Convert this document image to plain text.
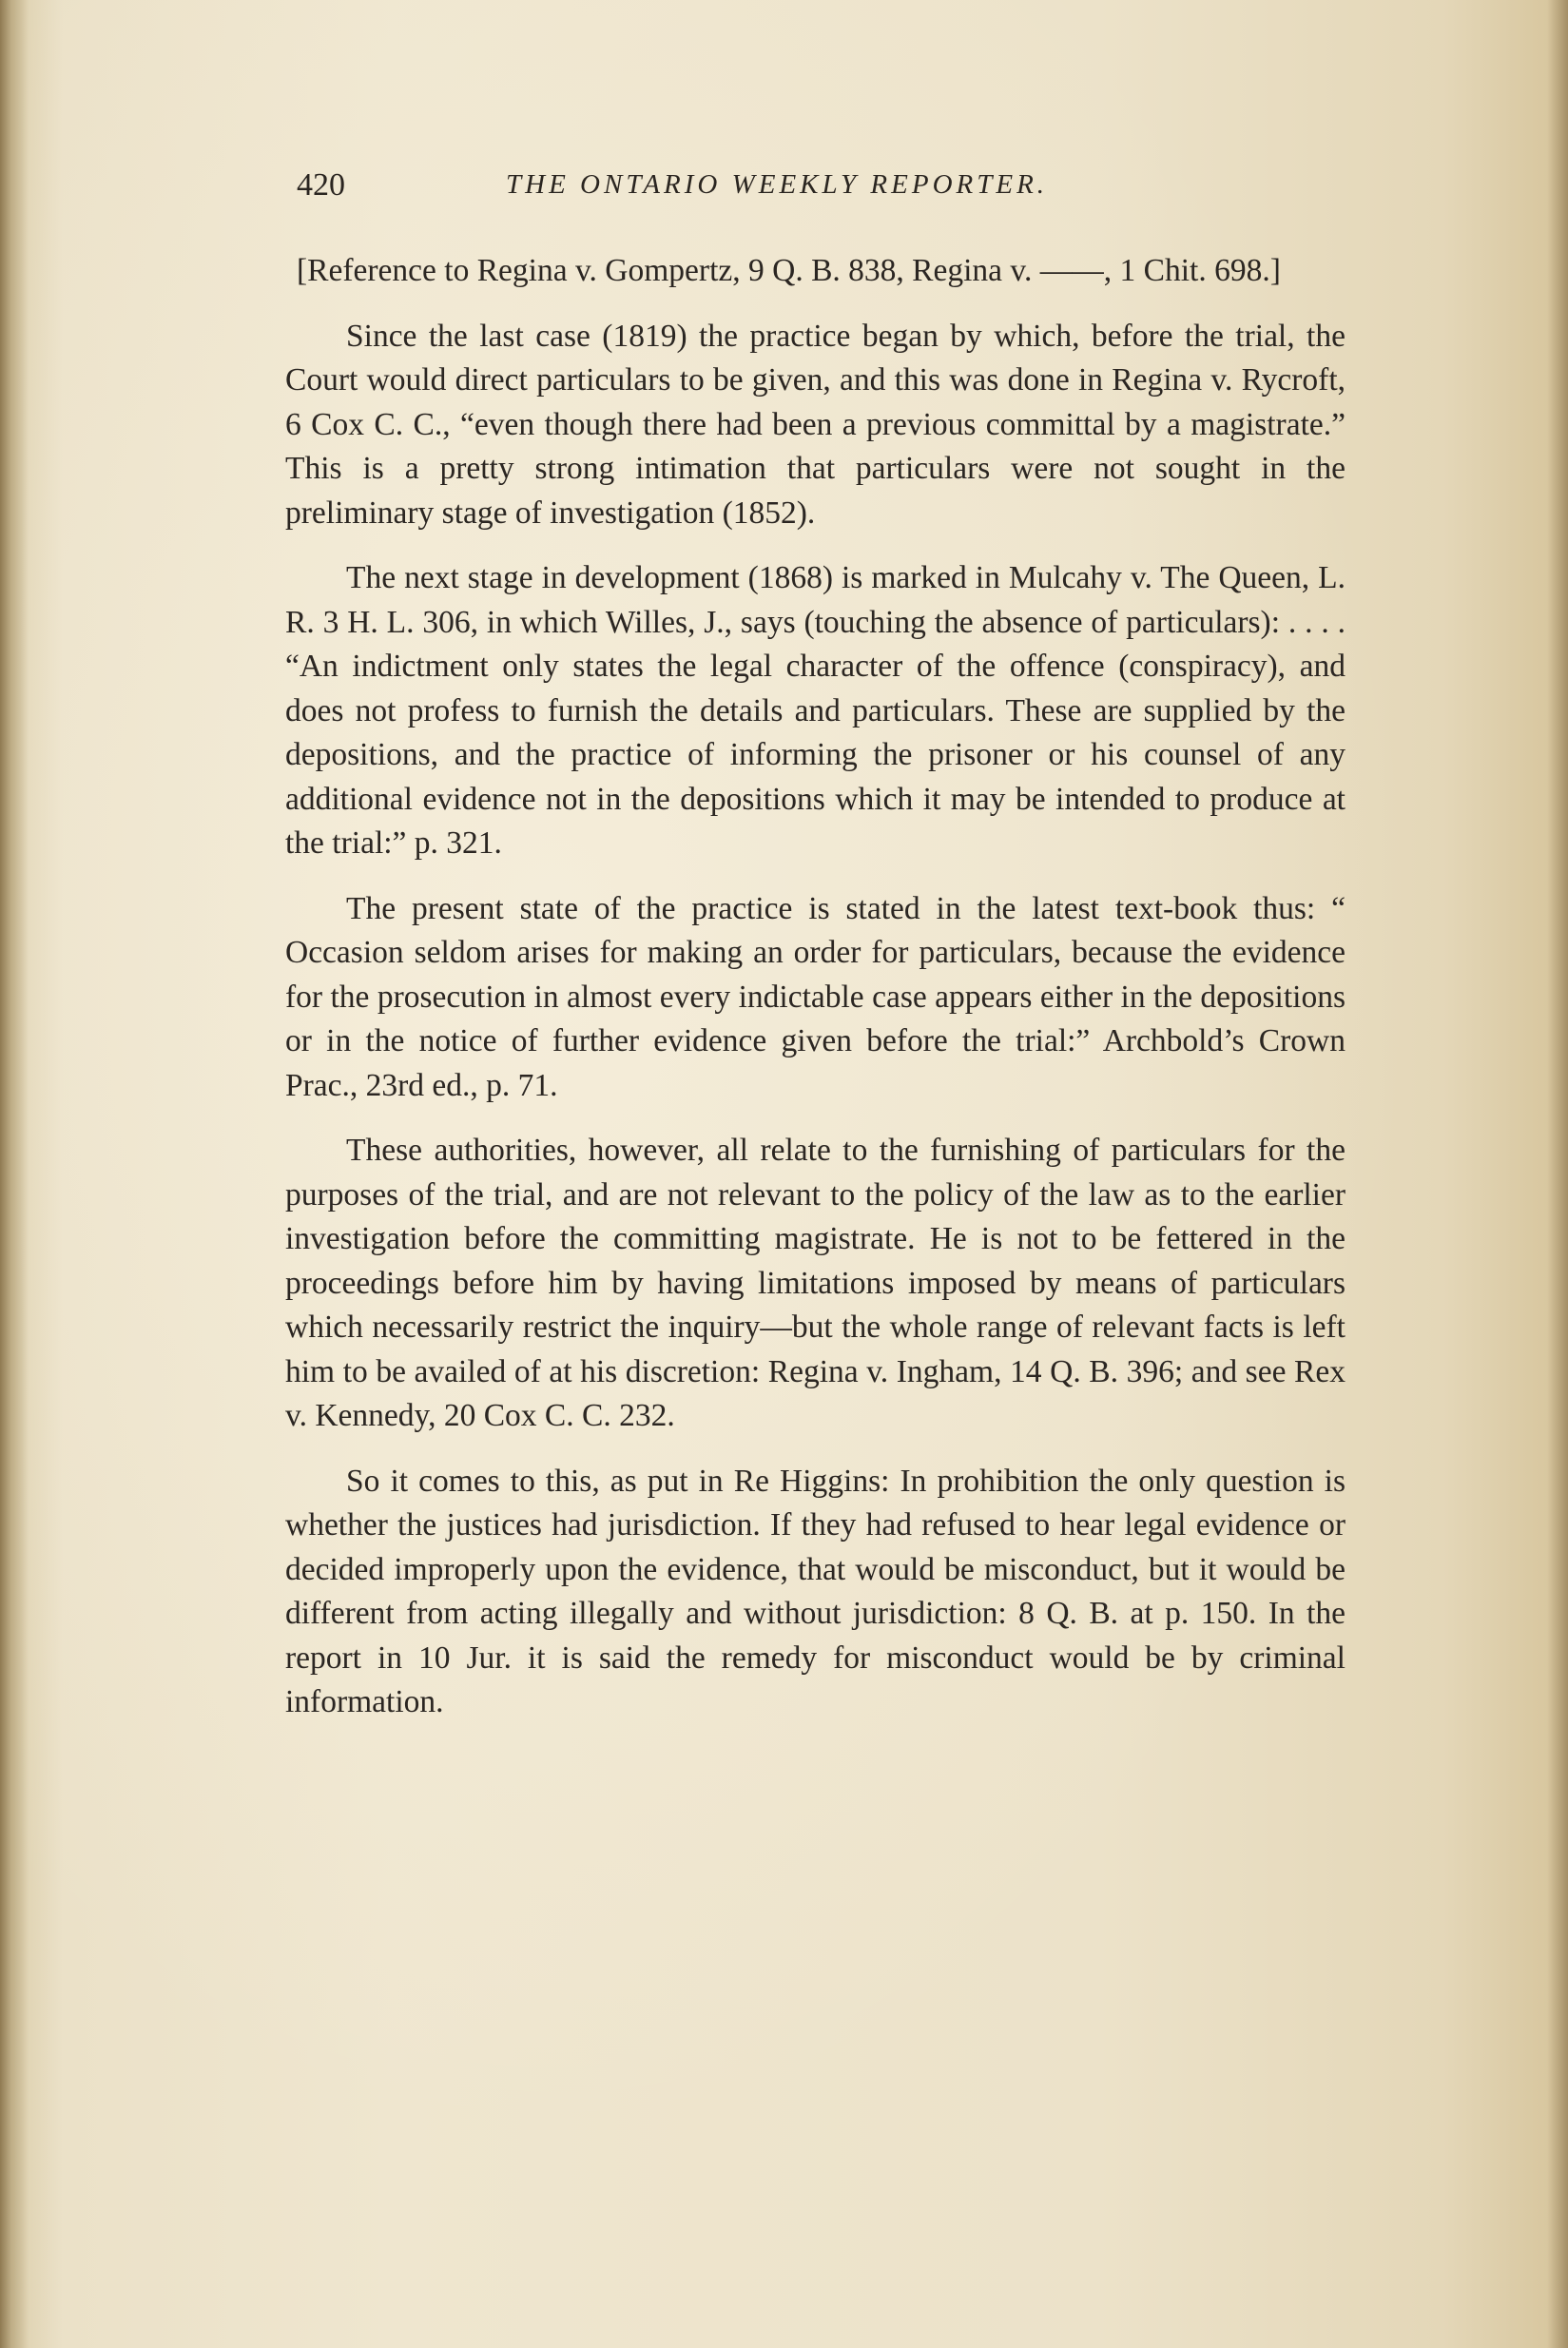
420	THE ONTARIO WEEKLY REPORTER.

[Reference to Regina v. Gompertz, 9 Q. B. 838, Regina v. ——, 1 Chit. 698.]

Since the last case (1819) the practice began by which, before the trial, the Court would direct particulars to be given, and this was done in Regina v. Rycroft, 6 Cox C. C., “even though there had been a previous committal by a magistrate.” This is a pretty strong intimation that particulars were not sought in the preliminary stage of investigation (1852).

The next stage in development (1868) is marked in Mulcahy v. The Queen, L. R. 3 H. L. 306, in which Willes, J., says (touching the absence of particulars): . . . . “An indictment only states the legal character of the offence (conspiracy), and does not profess to furnish the details and particulars. These are supplied by the depositions, and the practice of informing the prisoner or his counsel of any additional evidence not in the depositions which it may be intended to produce at the trial:” p. 321.

The present state of the practice is stated in the latest text-book thus: “ Occasion seldom arises for making an order for particulars, because the evidence for the prosecution in almost every indictable case appears either in the depositions or in the notice of further evidence given before the trial:” Archbold’s Crown Prac., 23rd ed., p. 71.

These authorities, however, all relate to the furnishing of particulars for the purposes of the trial, and are not relevant to the policy of the law as to the earlier investigation before the committing magistrate. He is not to be fettered in the proceedings before him by having limitations imposed by means of particulars which necessarily restrict the inquiry—but the whole range of relevant facts is left him to be availed of at his discretion: Regina v. Ingham, 14 Q. B. 396; and see Rex v. Kennedy, 20 Cox C. C. 232.

So it comes to this, as put in Re Higgins: In prohibition the only question is whether the justices had jurisdiction. If they had refused to hear legal evidence or decided improperly upon the evidence, that would be misconduct, but it would be different from acting illegally and without jurisdiction: 8 Q. B. at p. 150. In the report in 10 Jur. it is said the remedy for misconduct would be by criminal information.
